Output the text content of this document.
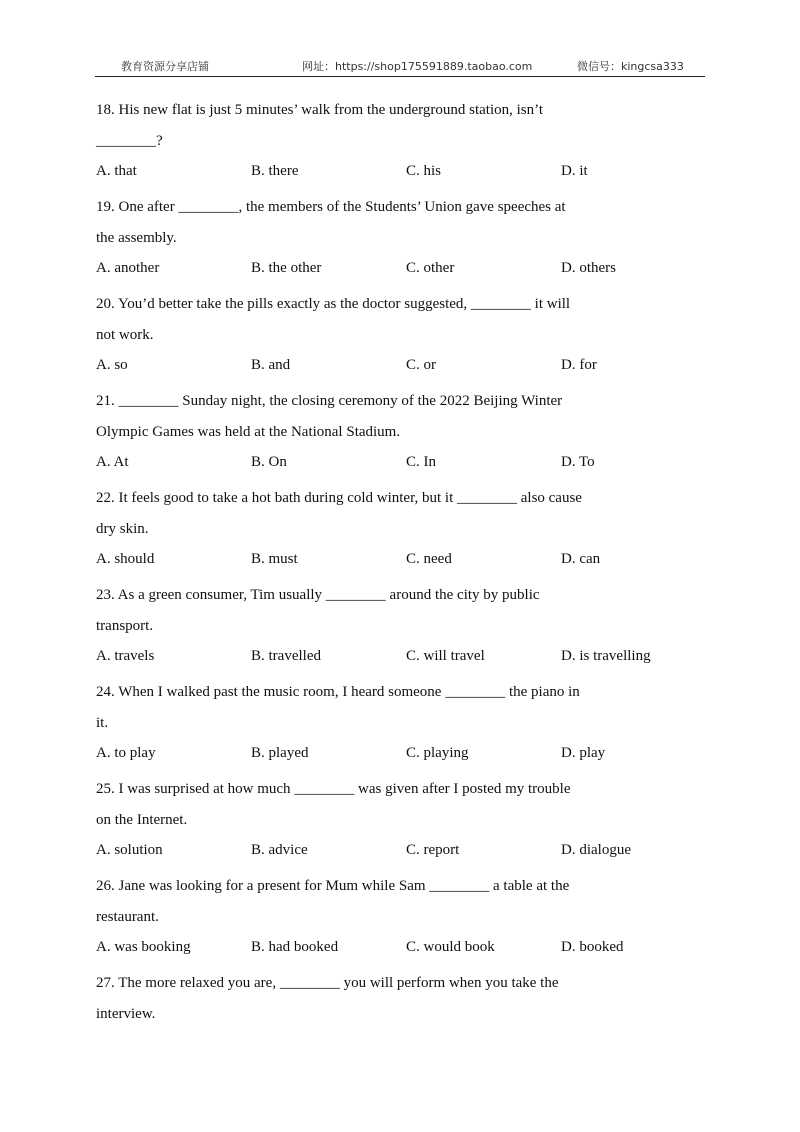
教育资源分享店铺	网址：https://shop175591889.taobao.com	微信号：kingcsa333
18. His new flat is just 5 minutes’ walk from the underground station, isn’t
________?
A. that	B. there	C. his	D. it
19. One after ________, the members of the Students’ Union gave speeches at
the assembly.
A. another	B. the other	C. other	D. others
20. You’d better take the pills exactly as the doctor suggested, ________ it will
not work.
A. so	B. and	C. or	D. for
21. ________ Sunday night, the closing ceremony of the 2022 Beijing Winter
Olympic Games was held at the National Stadium.
A. At	B. On	C. In	D. To
22. It feels good to take a hot bath during cold winter, but it ________ also cause
dry skin.
A. should	B. must	C. need	D. can
23. As a green consumer, Tim usually ________ around the city by public
transport.
A. travels	B. travelled	C. will travel	D. is travelling
24. When I walked past the music room, I heard someone ________ the piano in
it.
A. to play	B. played	C. playing	D. play
25. I was surprised at how much ________ was given after I posted my trouble
on the Internet.
A. solution	B. advice	C. report	D. dialogue
26. Jane was looking for a present for Mum while Sam ________ a table at the
restaurant.
A. was booking	B. had booked	C. would book	D. booked
27. The more relaxed you are, ________ you will perform when you take the
interview.
